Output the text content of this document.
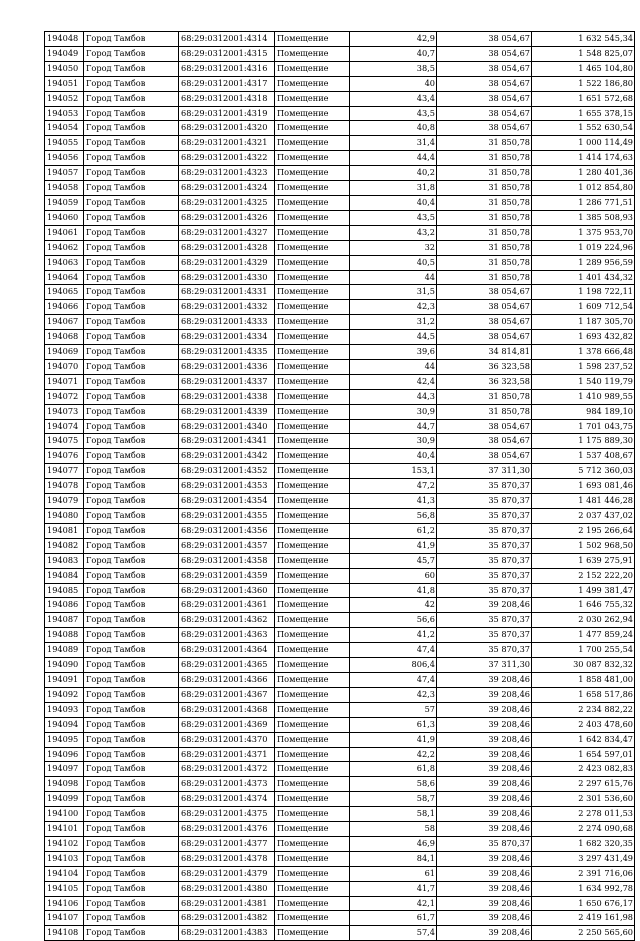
194048	Город Тамбов	68:29:0312001:4314	Помещение	42,9	38 054,67	1 632 545,34
194049	Город Тамбов	68:29:0312001:4315	Помещение	40,7	38 054,67	1 548 825,07
194050	Город Тамбов	68:29:0312001:4316	Помещение	38,5	38 054,67	1 465 104,80
194051	Город Тамбов	68:29:0312001:4317	Помещение	40	38 054,67	1 522 186,80
194052	Город Тамбов	68:29:0312001:4318	Помещение	43,4	38 054,67	1 651 572,68
194053	Город Тамбов	68:29:0312001:4319	Помещение	43,5	38 054,67	1 655 378,15
194054	Город Тамбов	68:29:0312001:4320	Помещение	40,8	38 054,67	1 552 630,54
194055	Город Тамбов	68:29:0312001:4321	Помещение	31,4	31 850,78	1 000 114,49
194056	Город Тамбов	68:29:0312001:4322	Помещение	44,4	31 850,78	1 414 174,63
194057	Город Тамбов	68:29:0312001:4323	Помещение	40,2	31 850,78	1 280 401,36
194058	Город Тамбов	68:29:0312001:4324	Помещение	31,8	31 850,78	1 012 854,80
194059	Город Тамбов	68:29:0312001:4325	Помещение	40,4	31 850,78	1 286 771,51
194060	Город Тамбов	68:29:0312001:4326	Помещение	43,5	31 850,78	1 385 508,93
194061	Город Тамбов	68:29:0312001:4327	Помещение	43,2	31 850,78	1 375 953,70
194062	Город Тамбов	68:29:0312001:4328	Помещение	32	31 850,78	1 019 224,96
194063	Город Тамбов	68:29:0312001:4329	Помещение	40,5	31 850,78	1 289 956,59
194064	Город Тамбов	68:29:0312001:4330	Помещение	44	31 850,78	1 401 434,32
194065	Город Тамбов	68:29:0312001:4331	Помещение	31,5	38 054,67	1 198 722,11
194066	Город Тамбов	68:29:0312001:4332	Помещение	42,3	38 054,67	1 609 712,54
194067	Город Тамбов	68:29:0312001:4333	Помещение	31,2	38 054,67	1 187 305,70
194068	Город Тамбов	68:29:0312001:4334	Помещение	44,5	38 054,67	1 693 432,82
194069	Город Тамбов	68:29:0312001:4335	Помещение	39,6	34 814,81	1 378 666,48
194070	Город Тамбов	68:29:0312001:4336	Помещение	44	36 323,58	1 598 237,52
194071	Город Тамбов	68:29:0312001:4337	Помещение	42,4	36 323,58	1 540 119,79
194072	Город Тамбов	68:29:0312001:4338	Помещение	44,3	31 850,78	1 410 989,55
194073	Город Тамбов	68:29:0312001:4339	Помещение	30,9	31 850,78	984 189,10
194074	Город Тамбов	68:29:0312001:4340	Помещение	44,7	38 054,67	1 701 043,75
194075	Город Тамбов	68:29:0312001:4341	Помещение	30,9	38 054,67	1 175 889,30
194076	Город Тамбов	68:29:0312001:4342	Помещение	40,4	38 054,67	1 537 408,67
194077	Город Тамбов	68:29:0312001:4352	Помещение	153,1	37 311,30	5 712 360,03
194078	Город Тамбов	68:29:0312001:4353	Помещение	47,2	35 870,37	1 693 081,46
194079	Город Тамбов	68:29:0312001:4354	Помещение	41,3	35 870,37	1 481 446,28
194080	Город Тамбов	68:29:0312001:4355	Помещение	56,8	35 870,37	2 037 437,02
194081	Город Тамбов	68:29:0312001:4356	Помещение	61,2	35 870,37	2 195 266,64
194082	Город Тамбов	68:29:0312001:4357	Помещение	41,9	35 870,37	1 502 968,50
194083	Город Тамбов	68:29:0312001:4358	Помещение	45,7	35 870,37	1 639 275,91
194084	Город Тамбов	68:29:0312001:4359	Помещение	60	35 870,37	2 152 222,20
194085	Город Тамбов	68:29:0312001:4360	Помещение	41,8	35 870,37	1 499 381,47
194086	Город Тамбов	68:29:0312001:4361	Помещение	42	39 208,46	1 646 755,32
194087	Город Тамбов	68:29:0312001:4362	Помещение	56,6	35 870,37	2 030 262,94
194088	Город Тамбов	68:29:0312001:4363	Помещение	41,2	35 870,37	1 477 859,24
194089	Город Тамбов	68:29:0312001:4364	Помещение	47,4	35 870,37	1 700 255,54
194090	Город Тамбов	68:29:0312001:4365	Помещение	806,4	37 311,30	30 087 832,32
194091	Город Тамбов	68:29:0312001:4366	Помещение	47,4	39 208,46	1 858 481,00
194092	Город Тамбов	68:29:0312001:4367	Помещение	42,3	39 208,46	1 658 517,86
194093	Город Тамбов	68:29:0312001:4368	Помещение	57	39 208,46	2 234 882,22
194094	Город Тамбов	68:29:0312001:4369	Помещение	61,3	39 208,46	2 403 478,60
194095	Город Тамбов	68:29:0312001:4370	Помещение	41,9	39 208,46	1 642 834,47
194096	Город Тамбов	68:29:0312001:4371	Помещение	42,2	39 208,46	1 654 597,01
194097	Город Тамбов	68:29:0312001:4372	Помещение	61,8	39 208,46	2 423 082,83
194098	Город Тамбов	68:29:0312001:4373	Помещение	58,6	39 208,46	2 297 615,76
194099	Город Тамбов	68:29:0312001:4374	Помещение	58,7	39 208,46	2 301 536,60
194100	Город Тамбов	68:29:0312001:4375	Помещение	58,1	39 208,46	2 278 011,53
194101	Город Тамбов	68:29:0312001:4376	Помещение	58	39 208,46	2 274 090,68
194102	Город Тамбов	68:29:0312001:4377	Помещение	46,9	35 870,37	1 682 320,35
194103	Город Тамбов	68:29:0312001:4378	Помещение	84,1	39 208,46	3 297 431,49
194104	Город Тамбов	68:29:0312001:4379	Помещение	61	39 208,46	2 391 716,06
194105	Город Тамбов	68:29:0312001:4380	Помещение	41,7	39 208,46	1 634 992,78
194106	Город Тамбов	68:29:0312001:4381	Помещение	42,1	39 208,46	1 650 676,17
194107	Город Тамбов	68:29:0312001:4382	Помещение	61,7	39 208,46	2 419 161,98
194108	Город Тамбов	68:29:0312001:4383	Помещение	57,4	39 208,46	2 250 565,60
